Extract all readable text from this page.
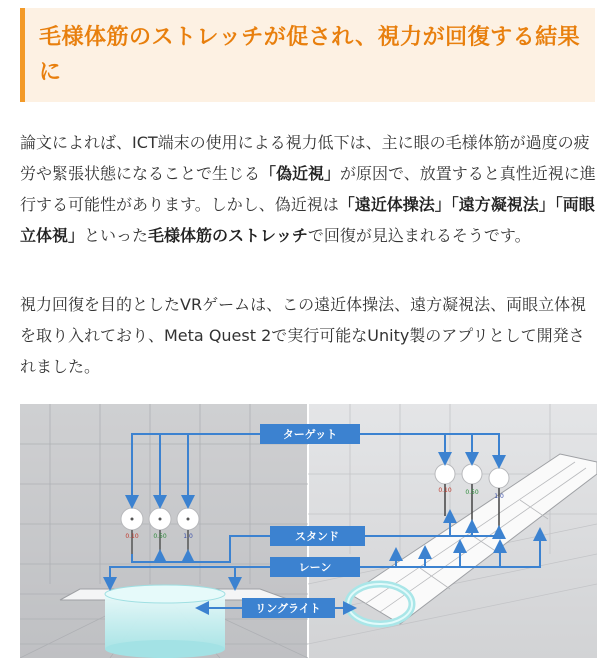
毛様体筋のストレッチが促され、視力が回復する結果に

論文によれば、ICT端末の使用による視力低下は、主に眼の毛様体筋が過度の疲労や緊張状態になることで生じる「偽近視」が原因で、放置すると真性近視に進行する可能性があります。しかし、偽近視は「遠近体操法」「遠方凝視法」「両眼立体視」といった毛様体筋のストレッチで回復が見込まれるそうです。

視力回復を目的としたVRゲームは、この遠近体操法、遠方凝視法、両眼立体視を取り入れており、Meta Quest 2で実行可能なUnity製のアプリとして開発されました。

0.10 0.50	1.0
0.10 0.50
1.0
ターゲット
スタンド
レーン
リングライト
